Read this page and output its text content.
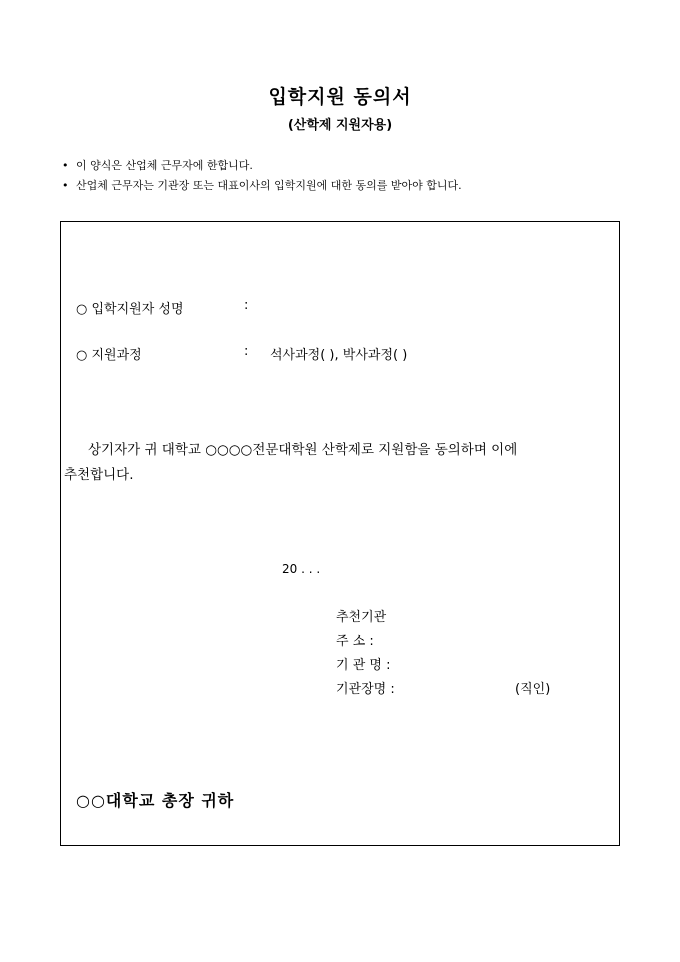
입학지원 동의서
(산학제 지원자용)
• 이 양식은 산업체 근무자에 한합니다.
• 산업체 근무자는 기관장 또는 대표이사의 입학지원에 대한 동의를 받아야 합니다.
○ 입학지원자 성명	:
○ 지원과정	: 석사과정( ), 박사과정( )
상기자가 귀 대학교 ○○○○전문대학원 산학제로 지원함을 동의하며 이에
추천합니다.
20 . . .
추천기관
주 소 :
기 관 명 :
기관장명 :	(직인)
○○대학교 총장 귀하
